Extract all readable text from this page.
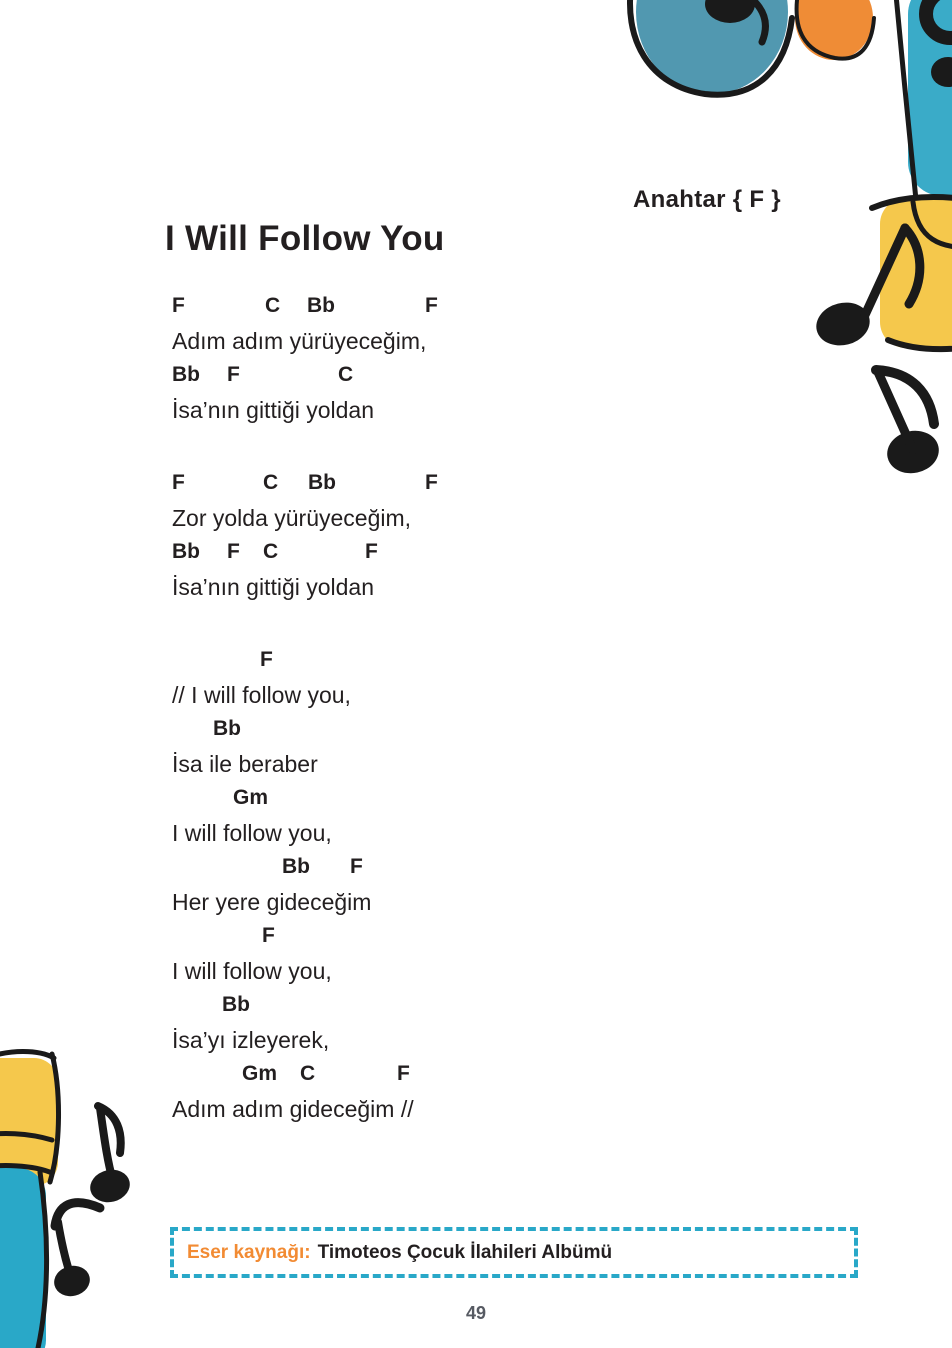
Anahtar { F }
I Will Follow You
F	C Bb	F
Adım adım yürüyeceğim,
Bb F	C
İsa’nın gittiği yoldan
F	C Bb	F
Zor yolda yürüyeceğim,
Bb F C	F
İsa’nın gittiği yoldan
F
// I will follow you,
Bb
İsa ile beraber
Gm
I will follow you,
Bb F
Her yere gideceğim
F
I will follow you,
Bb
İsa’yı izleyerek,
Gm C	F
Adım adım gideceğim //
Eser kaynağı: Timoteos Çocuk İlahileri Albümü
49
